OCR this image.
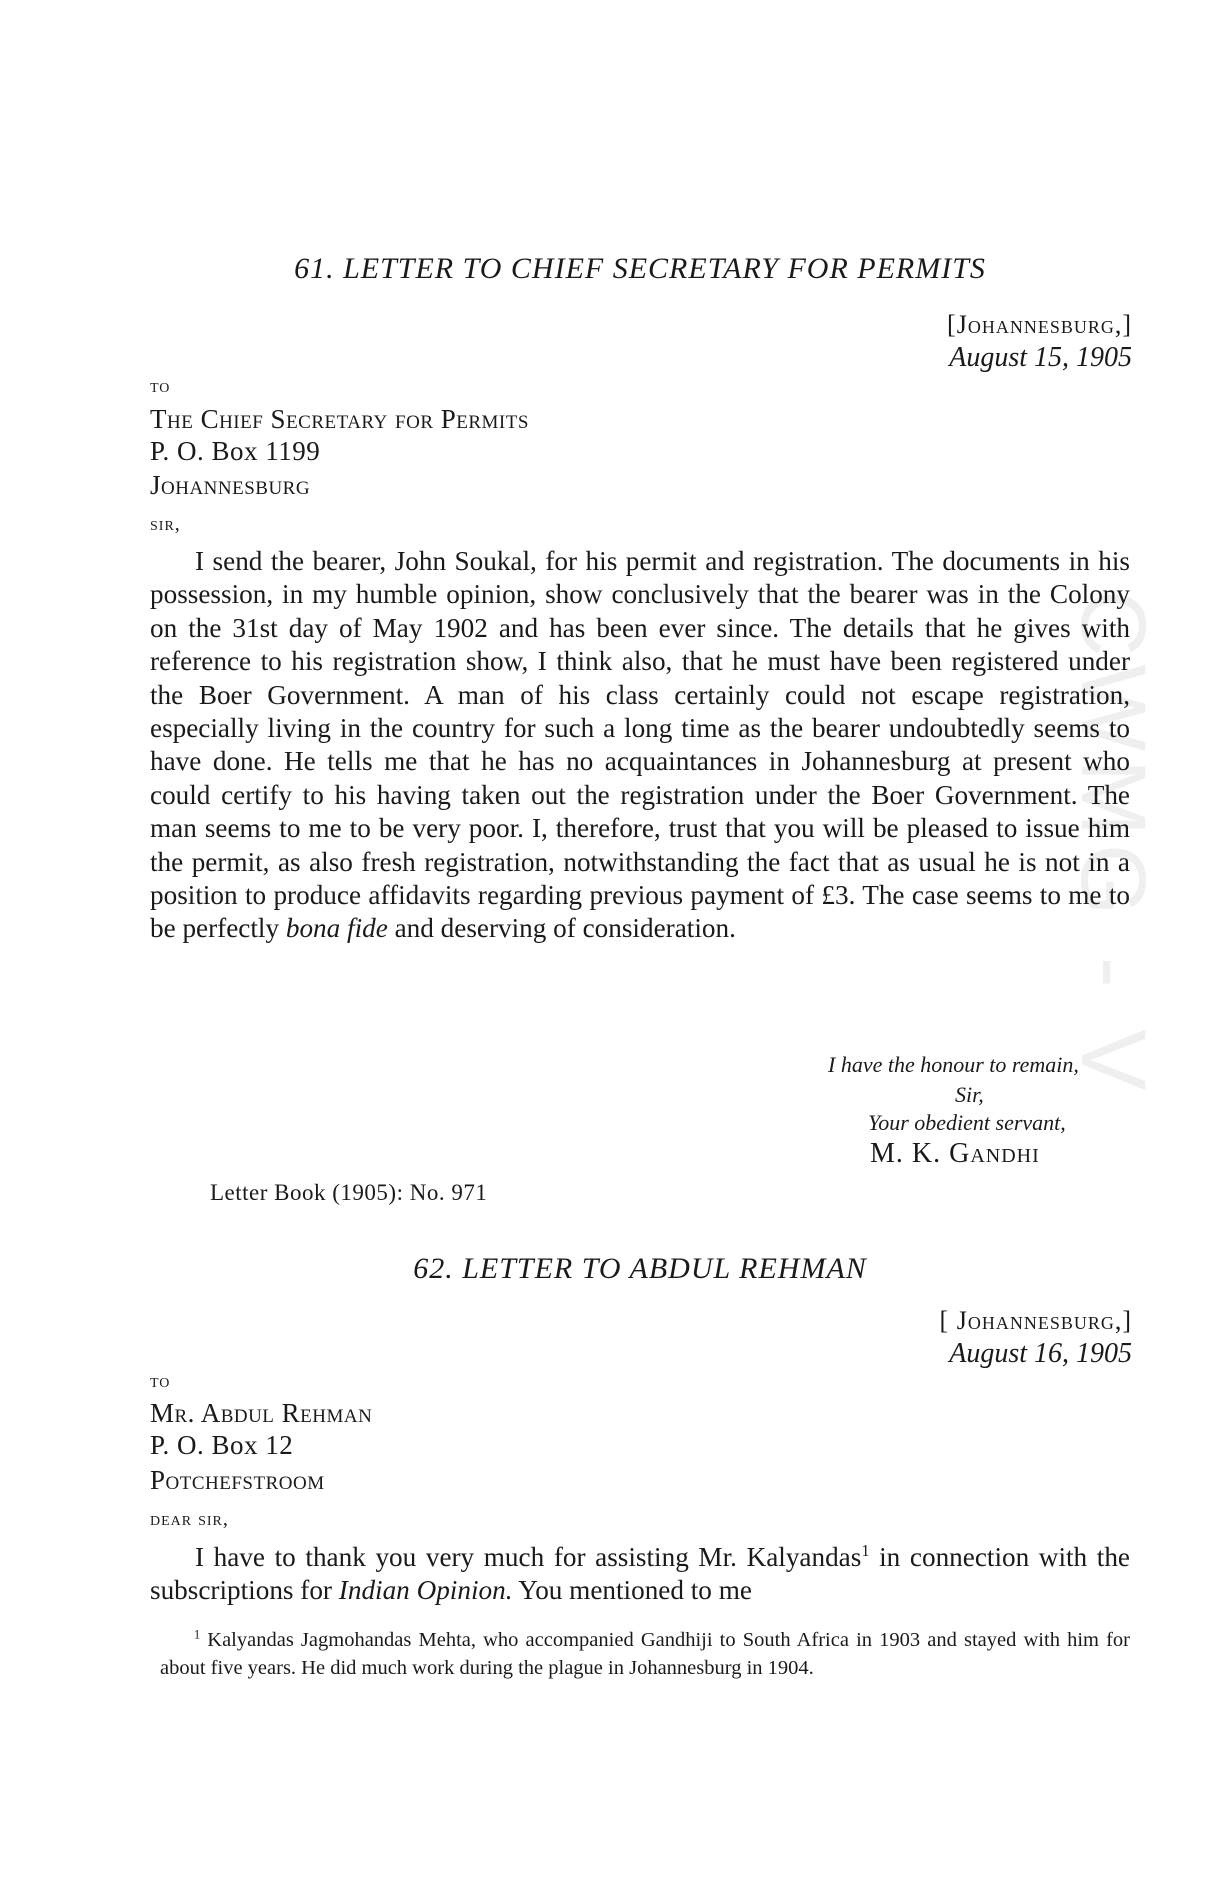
CWMG - V
61. LETTER TO CHIEF SECRETARY FOR PERMITS
[Johannesburg,]
August 15, 1905
to
The Chief Secretary for Permits
P. O. Box 1199
Johannesburg
sir,
I send the bearer, John Soukal, for his permit and registration. The documents in his possession, in my humble opinion, show conclusively that the bearer was in the Colony on the 31st day of May 1902 and has been ever since. The details that he gives with reference to his registration show, I think also, that he must have been registered under the Boer Government. A man of his class certainly could not escape registration, especially living in the country for such a long time as the bearer undoubtedly seems to have done. He tells me that he has no acquaintances in Johannesburg at present who could certify to his having taken out the registration under the Boer Government. The man seems to me to be very poor. I, therefore, trust that you will be pleased to issue him the permit, as also fresh registration, notwithstanding the fact that as usual he is not in a position to produce affidavits regarding previous payment of £3. The case seems to me to be perfectly bona fide and deserving of consideration.
I have the honour to remain,
Sir,
Your obedient servant,
M. K. Gandhi
Letter Book (1905): No. 971
62. LETTER TO ABDUL REHMAN
[ Johannesburg,]
August 16, 1905
to
Mr. Abdul Rehman
P. O. Box 12
Potchefstroom
dear sir,
I have to thank you very much for assisting Mr. Kalyandas$^1$ in connection with the subscriptions for Indian Opinion. You mentioned to me
$^1$ Kalyandas Jagmohandas Mehta, who accompanied Gandhiji to South Africa in 1903 and stayed with him for about five years. He did much work during the plague in Johannesburg in 1904.
